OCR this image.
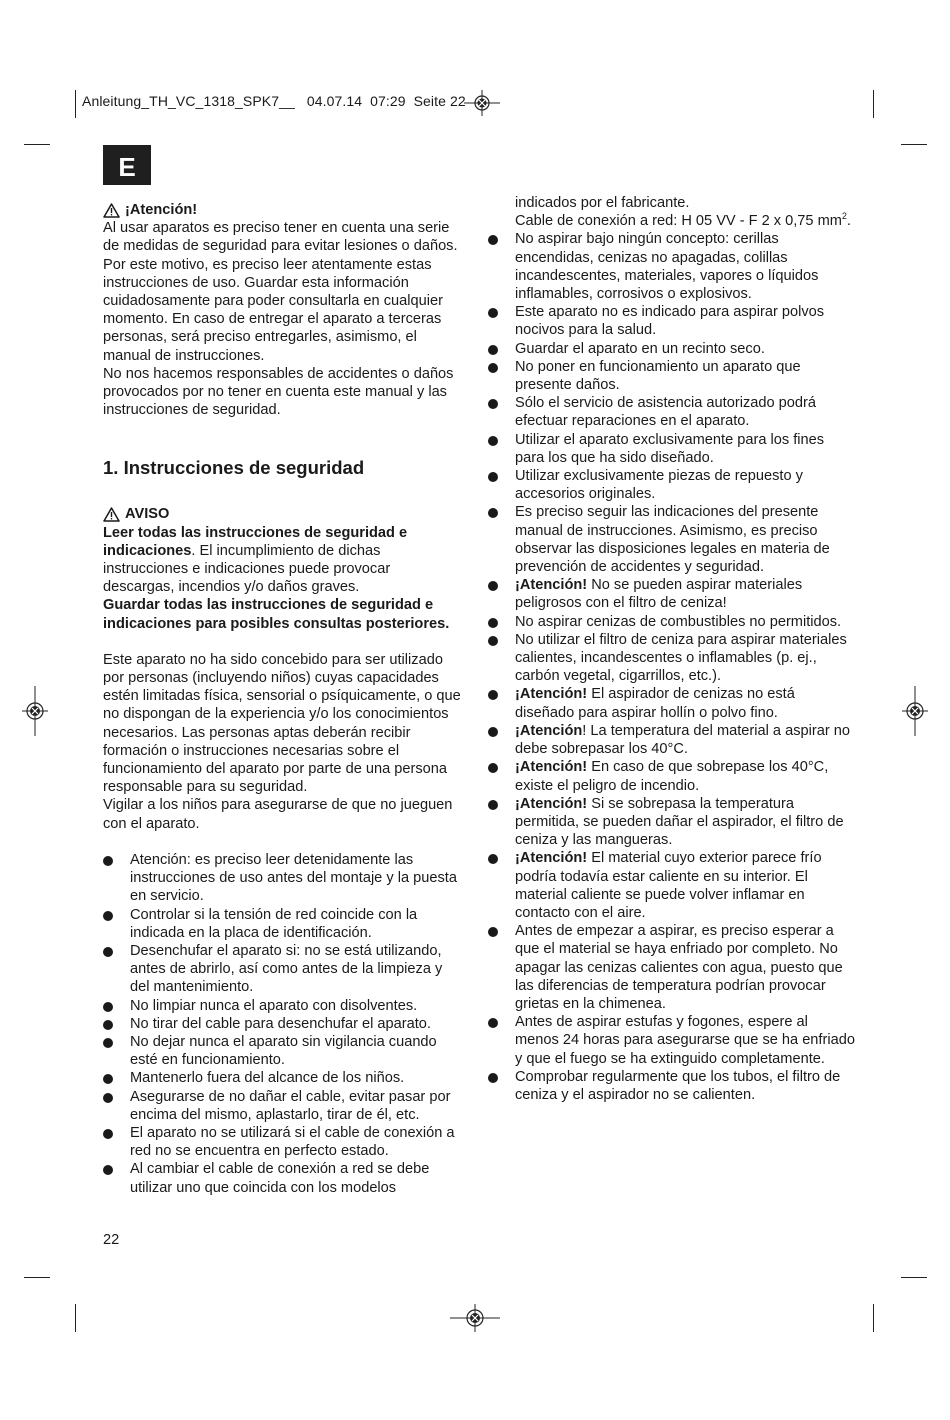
Anleitung_TH_VC_1318_SPK7__   04.07.14  07:29  Seite 22
E
¡Atención!

Al usar aparatos es preciso tener en cuenta una serie de medidas de seguridad para evitar lesiones o daños. Por este motivo, es preciso leer atentamente estas instrucciones de uso. Guardar esta información cuidadosamente para poder consultarla en cualquier momento. En caso de entregar el aparato a terceras personas, será preciso entregarles, asimismo, el manual de instrucciones.

No nos hacemos responsables de accidentes o daños provocados por no tener en cuenta este manual y las instrucciones de seguridad.

1. Instrucciones de seguridad
AVISO

Leer todas las instrucciones de seguridad e indicaciones. El incumplimiento de dichas instrucciones e indicaciones puede provocar descargas, incendios y/o daños graves.

Guardar todas las instrucciones de seguridad e indicaciones para posibles consultas posteriores.

Este aparato no ha sido concebido para ser utilizado por personas (incluyendo niños) cuyas capacidades estén limitadas física, sensorial o psíquicamente, o que no dispongan de la experiencia y/o los conocimientos necesarios. Las personas aptas deberán recibir formación o instrucciones necesarias sobre el funcionamiento del aparato por parte de una persona responsable para su seguridad.

Vigilar a los niños para asegurarse de que no jueguen con el aparato.

Atención: es preciso leer detenidamente las instrucciones de uso antes del montaje y la puesta en servicio.
Controlar si la tensión de red coincide con la indicada en la placa de identificación.
Desenchufar el aparato si: no se está utilizando, antes de abrirlo, así como antes de la limpieza y del mantenimiento.
No limpiar nunca el aparato con disolventes.
No tirar del cable para desenchufar el aparato.
No dejar nunca el aparato sin vigilancia cuando esté en funcionamiento.
Mantenerlo fuera del alcance de los niños.
Asegurarse de no dañar el cable, evitar pasar por encima del mismo, aplastarlo, tirar de él, etc.
El aparato no se utilizará si el cable de conexión a red no se encuentra en perfecto estado.
Al cambiar el cable de conexión a red se debe utilizar uno que coincida con los modelos

indicados por el fabricante.

Cable de conexión a red: H 05 VV - F 2 x 0,75 $mm^2$.

No aspirar bajo ningún concepto: cerillas encendidas, cenizas no apagadas, colillas incandescentes, materiales, vapores o líquidos inflamables, corrosivos o explosivos.
Este aparato no es indicado para aspirar polvos nocivos para la salud.
Guardar el aparato en un recinto seco.
No poner en funcionamiento un aparato que presente daños.
Sólo el servicio de asistencia autorizado podrá efectuar reparaciones en el aparato.
Utilizar el aparato exclusivamente para los fines para los que ha sido diseñado.
Utilizar exclusivamente piezas de repuesto y accesorios originales.
Es preciso seguir las indicaciones del presente manual de instrucciones. Asimismo, es preciso observar las disposiciones legales en materia de prevención de accidentes y seguridad.
¡Atención! No se pueden aspirar materiales peligrosos con el filtro de ceniza!
No aspirar cenizas de combustibles no permitidos.
No utilizar el filtro de ceniza para aspirar materiales calientes, incandescentes o inflamables (p. ej., carbón vegetal, cigarrillos, etc.).
¡Atención! El aspirador de cenizas no está diseñado para aspirar hollín o polvo fino.
¡Atención! La temperatura del material a aspirar no debe sobrepasar los 40°C.
¡Atención! En caso de que sobrepase los 40°C, existe el peligro de incendio.
¡Atención! Si se sobrepasa la temperatura permitida, se pueden dañar el aspirador, el filtro de ceniza y las mangueras.
¡Atención! El material cuyo exterior parece frío podría todavía estar caliente en su interior. El material caliente se puede volver inflamar en contacto con el aire.
Antes de empezar a aspirar, es preciso esperar a que el material se haya enfriado por completo. No apagar las cenizas calientes con agua, puesto que las diferencias de temperatura podrían provocar grietas en la chimenea.
Antes de aspirar estufas y fogones, espere al menos 24 horas para asegurarse que se ha enfriado y que el fuego se ha extinguido completamente.
Comprobar regularmente que los tubos, el filtro de ceniza y el aspirador no se calienten.
22
